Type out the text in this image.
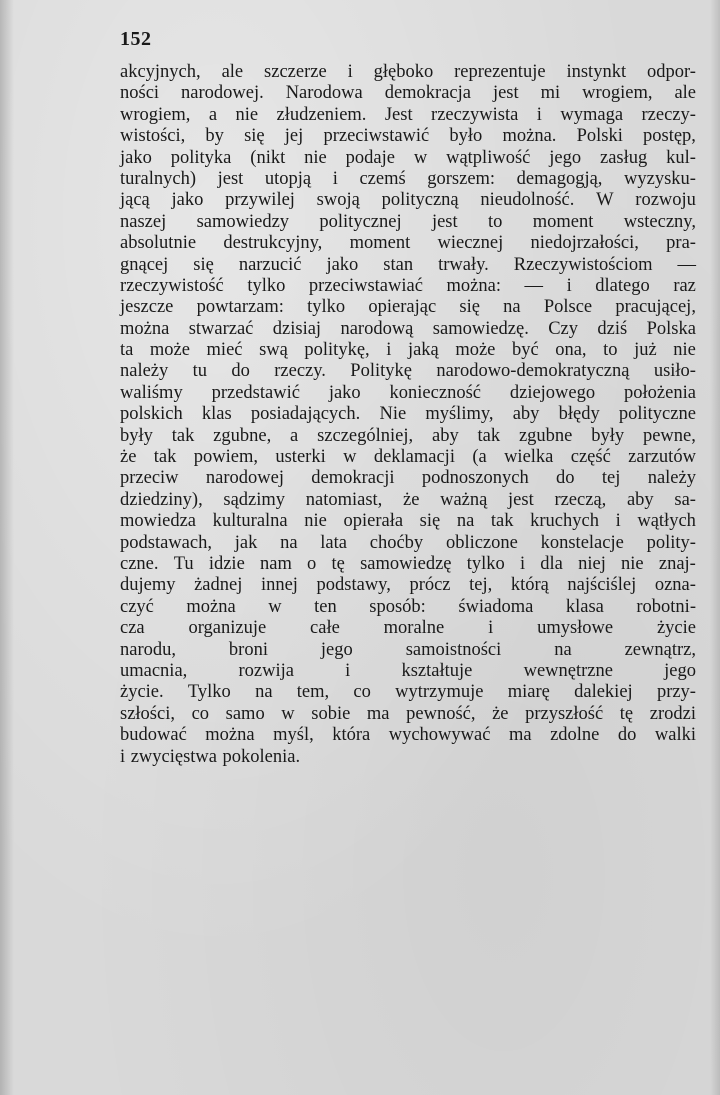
152
akcyjnych, ale szczerze i głęboko reprezentuje instynkt odpor-
ności narodowej. Narodowa demokracja jest mi wrogiem, ale
wrogiem, a nie złudzeniem. Jest rzeczywista i wymaga rzeczy-
wistości, by się jej przeciwstawić było można. Polski postęp,
jako polityka (nikt nie podaje w wątpliwość jego zasług kul-
turalnych) jest utopją i czemś gorszem: demagogją, wyzysku-
jącą jako przywilej swoją polityczną nieudolność. W rozwoju
naszej samowiedzy politycznej jest to moment wsteczny,
absolutnie destrukcyjny, moment wiecznej niedojrzałości, pra-
gnącej się narzucić jako stan trwały. Rzeczywistościom —
rzeczywistość tylko przeciwstawiać można: — i dlatego raz
jeszcze powtarzam: tylko opierając się na Polsce pracującej,
można stwarzać dzisiaj narodową samowiedzę. Czy dziś Polska
ta może mieć swą politykę, i jaką może być ona, to już nie
należy tu do rzeczy. Politykę narodowo-demokratyczną usiło-
waliśmy przedstawić jako konieczność dziejowego położenia
polskich klas posiadających. Nie myślimy, aby błędy polityczne
były tak zgubne, a szczególniej, aby tak zgubne były pewne,
że tak powiem, usterki w deklamacji (a wielka część zarzutów
przeciw narodowej demokracji podnoszonych do tej należy
dziedziny), sądzimy natomiast, że ważną jest rzeczą, aby sa-
mowiedza kulturalna nie opierała się na tak kruchych i wątłych
podstawach, jak na lata choćby obliczone konstelacje polity-
czne. Tu idzie nam o tę samowiedzę tylko i dla niej nie znaj-
dujemy żadnej innej podstawy, prócz tej, którą najściślej ozna-
czyć można w ten sposób: świadoma klasa robotni-
cza organizuje całe moralne i umysłowe życie
narodu,	broni	jego	samoistności	na	zewnątrz,
umacnia,	rozwija	i	kształtuje	wewnętrzne	jego
życie. Tylko na tem, co wytrzymuje miarę dalekiej przy-
szłości, co samo w sobie ma pewność, że przyszłość tę zrodzi
budować można myśl, która wychowywać ma zdolne do walki
i zwycięstwa pokolenia.
